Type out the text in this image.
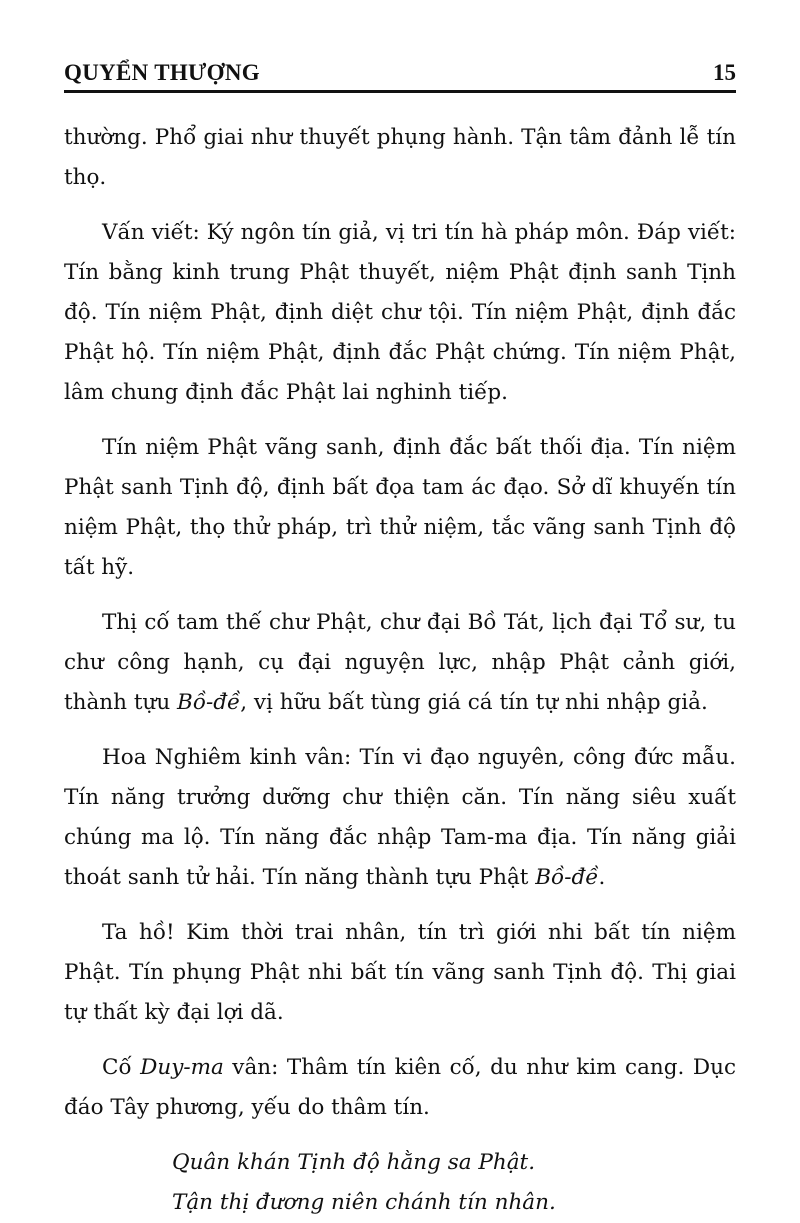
QUYỂN THƯỢNG	15

thường. Phổ giai như thuyết phụng hành. Tận tâm đảnh lễ tín thọ.

Vấn viết: Ký ngôn tín giả, vị tri tín hà pháp môn. Đáp viết: Tín bằng kinh trung Phật thuyết, niệm Phật định sanh Tịnh độ. Tín niệm Phật, định diệt chư tội. Tín niệm Phật, định đắc Phật hộ. Tín niệm Phật, định đắc Phật chứng. Tín niệm Phật, lâm chung định đắc Phật lai nghinh tiếp.

Tín niệm Phật vãng sanh, định đắc bất thối địa. Tín niệm Phật sanh Tịnh độ, định bất đọa tam ác đạo. Sở dĩ khuyến tín niệm Phật, thọ thử pháp, trì thử niệm, tắc vãng sanh Tịnh độ tất hỹ.

Thị cố tam thế chư Phật, chư đại Bồ Tát, lịch đại Tổ sư, tu chư công hạnh, cụ đại nguyện lực, nhập Phật cảnh giới, thành tựu Bồ-đề, vị hữu bất tùng giá cá tín tự nhi nhập giả.

Hoa Nghiêm kinh vân: Tín vi đạo nguyên, công đức mẫu. Tín năng trưởng dưỡng chư thiện căn. Tín năng siêu xuất chúng ma lộ. Tín năng đắc nhập Tam-ma địa. Tín năng giải thoát sanh tử hải. Tín năng thành tựu Phật Bồ-đề.

Ta hồ! Kim thời trai nhân, tín trì giới nhi bất tín niệm Phật. Tín phụng Phật nhi bất tín vãng sanh Tịnh độ. Thị giai tự thất kỳ đại lợi dã.

Cố Duy-ma vân: Thâm tín kiên cố, du như kim cang. Dục đáo Tây phương, yếu do thâm tín.

Quân khán Tịnh độ hằng sa Phật.
Tận thị đương niên chánh tín nhân.
